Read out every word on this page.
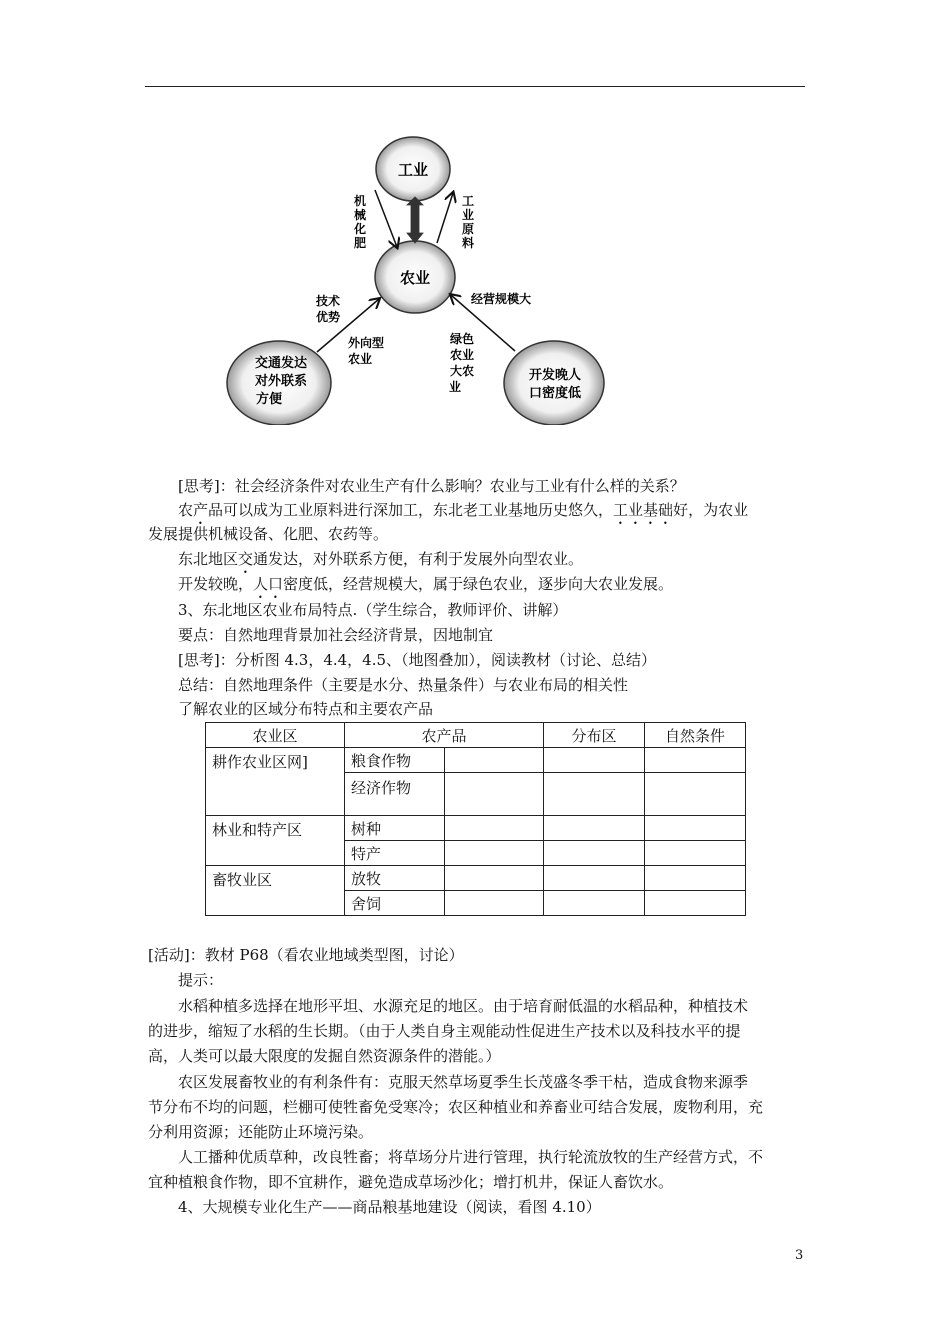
工业
农业
交通发达
对外联系
方便
开发晚人
口密度低
机
械
化
肥
工
业
原
料
技术
优势
外向型
农业
经营规模大
绿色
农业
大农
业
[思考]：社会经济条件对农业生产有什么影响？农业与工业有什么样的关系？
农产品可以成为工业原料进行深加工，东北老工业基地历史悠久，工业基础好，为农业
发展提供机械设备、化肥、农药等。
东北地区交通发达，对外联系方便，有利于发展外向型农业。
开发较晚，人口密度低，经营规模大，属于绿色农业，逐步向大农业发展。
3、东北地区农业布局特点.（学生综合，教师评价、讲解）
要点：自然地理背景加社会经济背景，因地制宜
[思考]：分析图 4.3，4.4，4.5、（地图叠加），阅读教材（讨论、总结）
总结：自然地理条件（主要是水分、热量条件）与农业布局的相关性
了解农业的区域分布特点和主要农产品
农业区	农产品		分布区	自然条件
耕作农业区网]	粮食作物			
	经济作物			
林业和特产区	树种			
	特产			
畜牧业区	放牧			
	舍饲			
[活动]：教材 P68（看农业地域类型图，讨论）
提示：
水稻种植多选择在地形平坦、水源充足的地区。由于培育耐低温的水稻品种，种植技术
的进步，缩短了水稻的生长期。（由于人类自身主观能动性促进生产技术以及科技水平的提
高，人类可以最大限度的发掘自然资源条件的潜能。）
农区发展畜牧业的有利条件有：克服天然草场夏季生长茂盛冬季干枯，造成食物来源季
节分布不均的问题，栏棚可使牲畜免受寒冷；农区种植业和养畜业可结合发展，废物利用，充
分利用资源；还能防止环境污染。
人工播种优质草种，改良牲畜；将草场分片进行管理，执行轮流放牧的生产经营方式，不
宜种植粮食作物，即不宜耕作，避免造成草场沙化；增打机井，保证人畜饮水。
4、大规模专业化生产——商品粮基地建设（阅读，看图 4.10）
3
